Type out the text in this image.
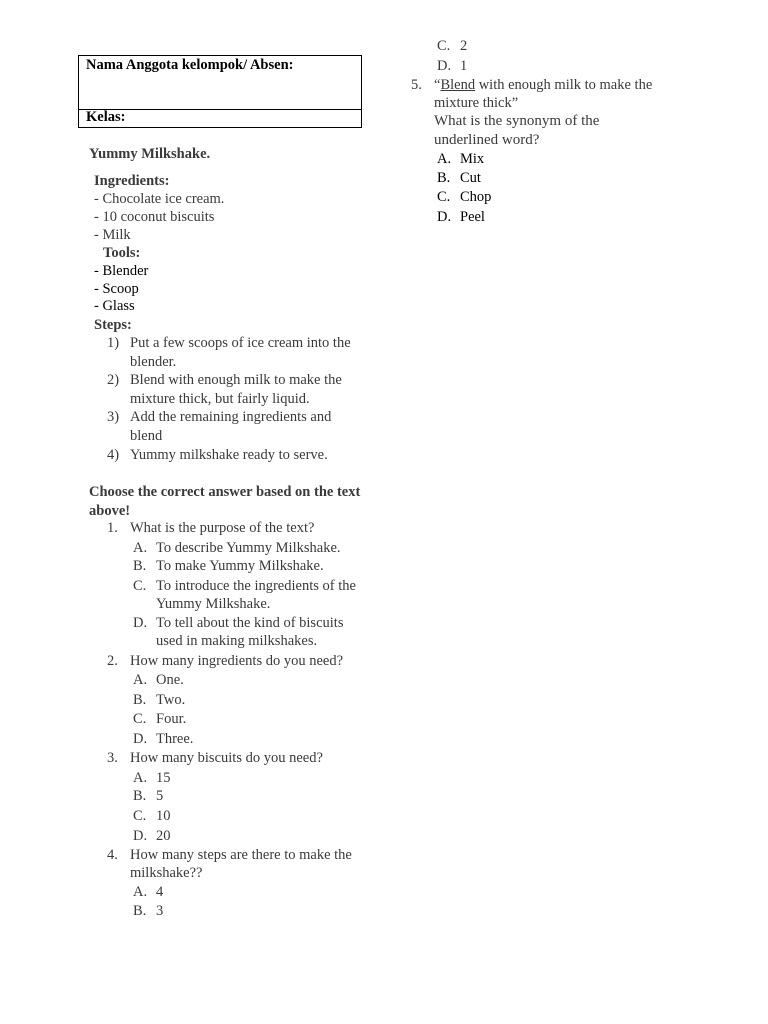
Nama Anggota kelompok/ Absen:
Kelas:
Yummy Milkshake.
Ingredients:
- Chocolate ice cream.
- 10 coconut biscuits
- Milk
Tools:
- Blender
- Scoop
- Glass
Steps:
1) Put a few scoops of ice cream into the
blender.
2) Blend with enough milk to make the
mixture thick, but fairly liquid.
3) Add the remaining ingredients and
blend
4) Yummy milkshake ready to serve.
Choose the correct answer based on the text
above!
1. What is the purpose of the text?
A. To describe Yummy Milkshake.
B. To make Yummy Milkshake.
C. To introduce the ingredients of the
Yummy Milkshake.
D. To tell about the kind of biscuits
used in making milkshakes.
2. How many ingredients do you need?
A. One.
B. Two.
C. Four.
D. Three.
3. How many biscuits do you need?
A. 15
B. 5
C. 10
D. 20
4. How many steps are there to make the
milkshake??
A. 4
B. 3
C. 2
D. 1
5. “Blend with enough milk to make the
mixture thick”
What is the synonym of the
underlined word?
A. Mix
B. Cut
C. Chop
D. Peel
